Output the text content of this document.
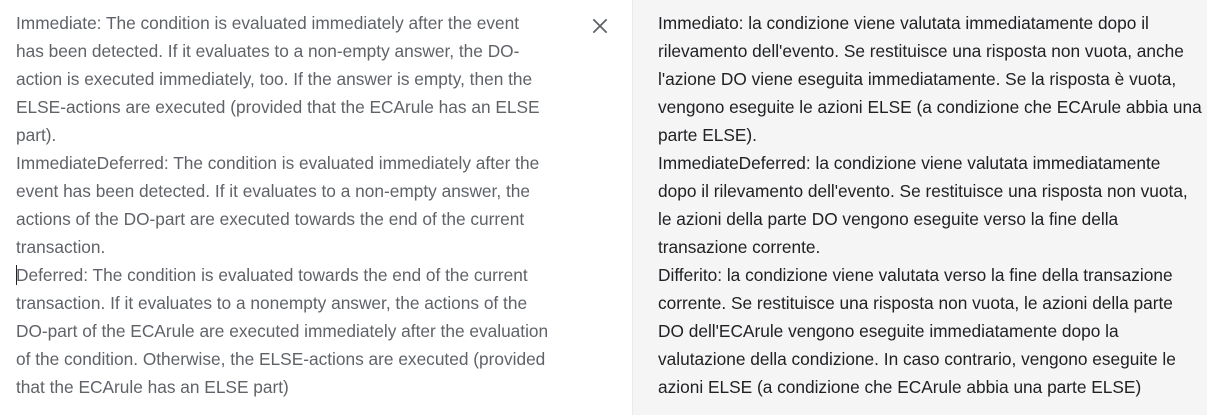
Immediate: The condition is evaluated immediately after the event

has been detected. If it evaluates to a non-empty answer, the DO-

action is executed immediately, too. If the answer is empty, then the

ELSE-actions are executed (provided that the ECArule has an ELSE

part).

ImmediateDeferred: The condition is evaluated immediately after the

event has been detected. If it evaluates to a non-empty answer, the

actions of the DO-part are executed towards the end of the current

transaction.

Deferred: The condition is evaluated towards the end of the current

transaction. If it evaluates to a nonempty answer, the actions of the

DO-part of the ECArule are executed immediately after the evaluation

of the condition. Otherwise, the ELSE-actions are executed (provided

that the ECArule has an ELSE part)

Immediato: la condizione viene valutata immediatamente dopo il

rilevamento dell'evento. Se restituisce una risposta non vuota, anche

l'azione DO viene eseguita immediatamente. Se la risposta è vuota,

vengono eseguite le azioni ELSE (a condizione che ECArule abbia una

parte ELSE).

ImmediateDeferred: la condizione viene valutata immediatamente

dopo il rilevamento dell'evento. Se restituisce una risposta non vuota,

le azioni della parte DO vengono eseguite verso la fine della

transazione corrente.

Differito: la condizione viene valutata verso la fine della transazione

corrente. Se restituisce una risposta non vuota, le azioni della parte

DO dell'ECArule vengono eseguite immediatamente dopo la

valutazione della condizione. In caso contrario, vengono eseguite le

azioni ELSE (a condizione che ECArule abbia una parte ELSE)
